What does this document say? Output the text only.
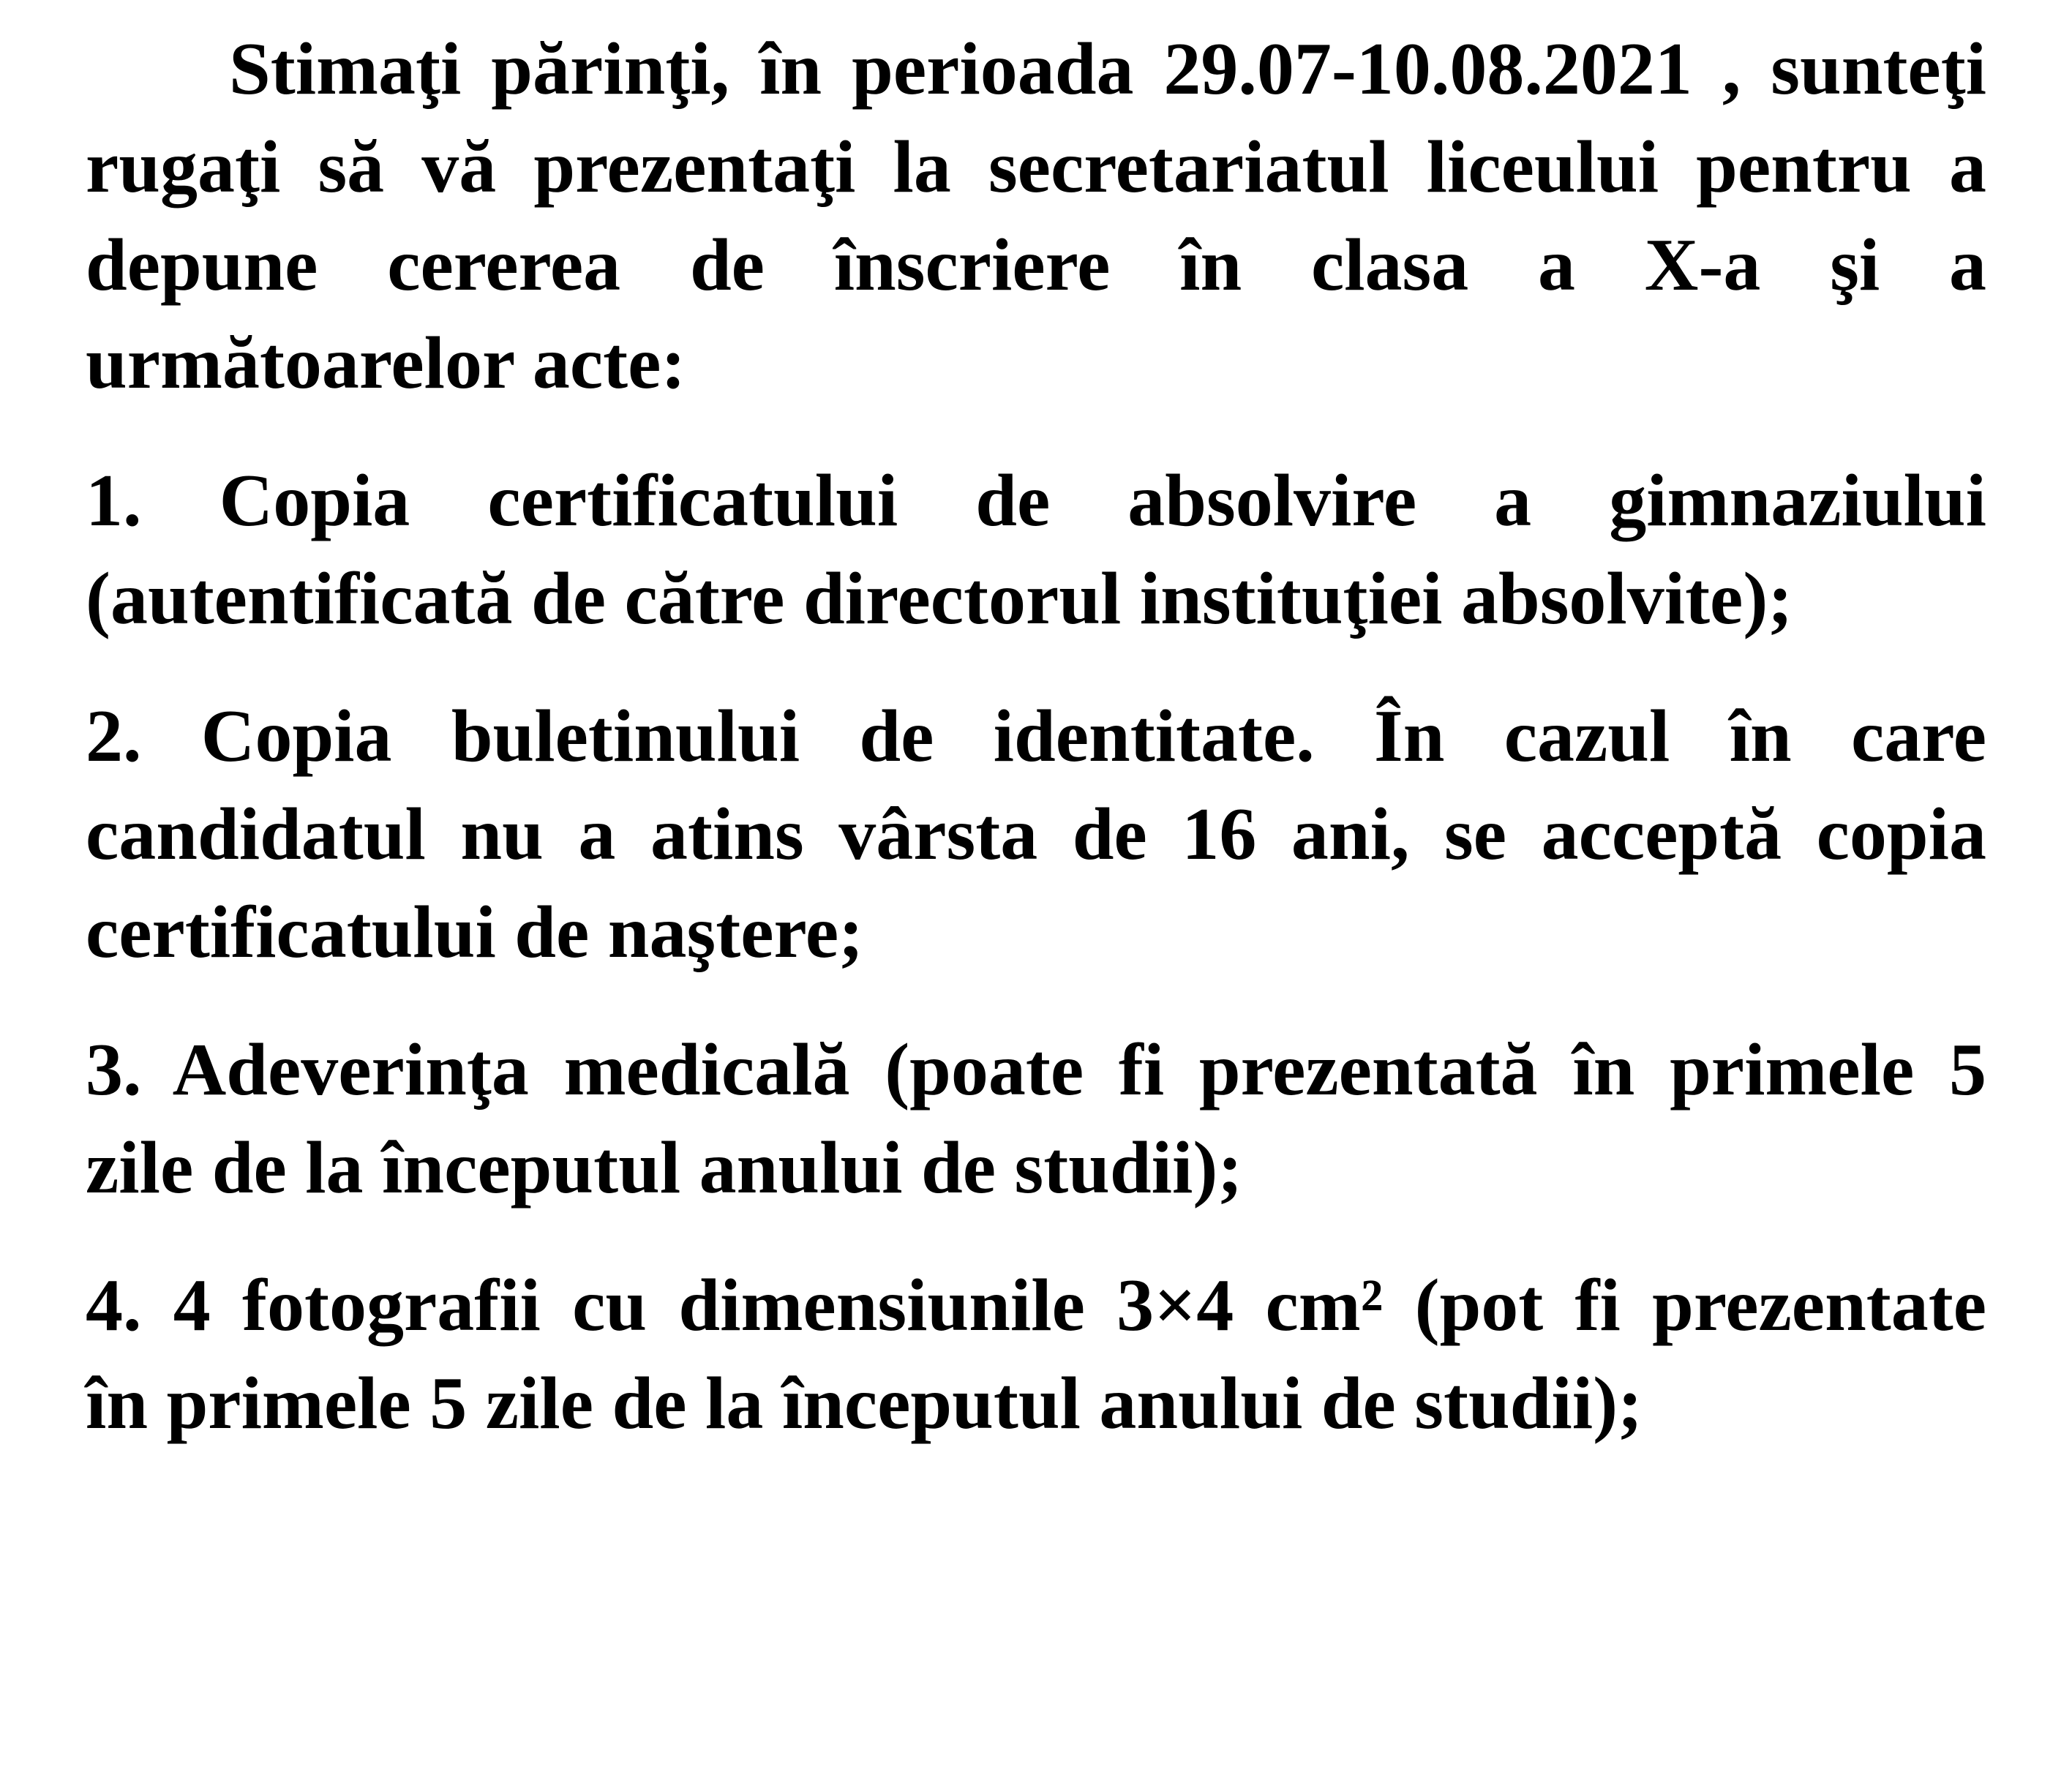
Stimaţi părinţi, în perioada 29.07-10.08.2021 , sunteţi
rugaţi să vă prezentaţi la secretariatul liceului pentru a
depune cererea de înscriere în clasa a X-a şi a
următoarelor acte:

1. Copia certificatului de absolvire a gimnaziului
(autentificată de către directorul instituţiei absolvite);

2. Copia buletinului de identitate. În cazul în care
candidatul nu a atins vârsta de 16 ani, se acceptă copia
certificatului de naştere;

3. Adeverinţa medicală (poate fi prezentată în primele 5
zile de la începutul anului de studii);

4. 4 fotografii cu dimensiunile 3×4 cm² (pot fi prezentate
în primele 5 zile de la începutul anului de studii);
